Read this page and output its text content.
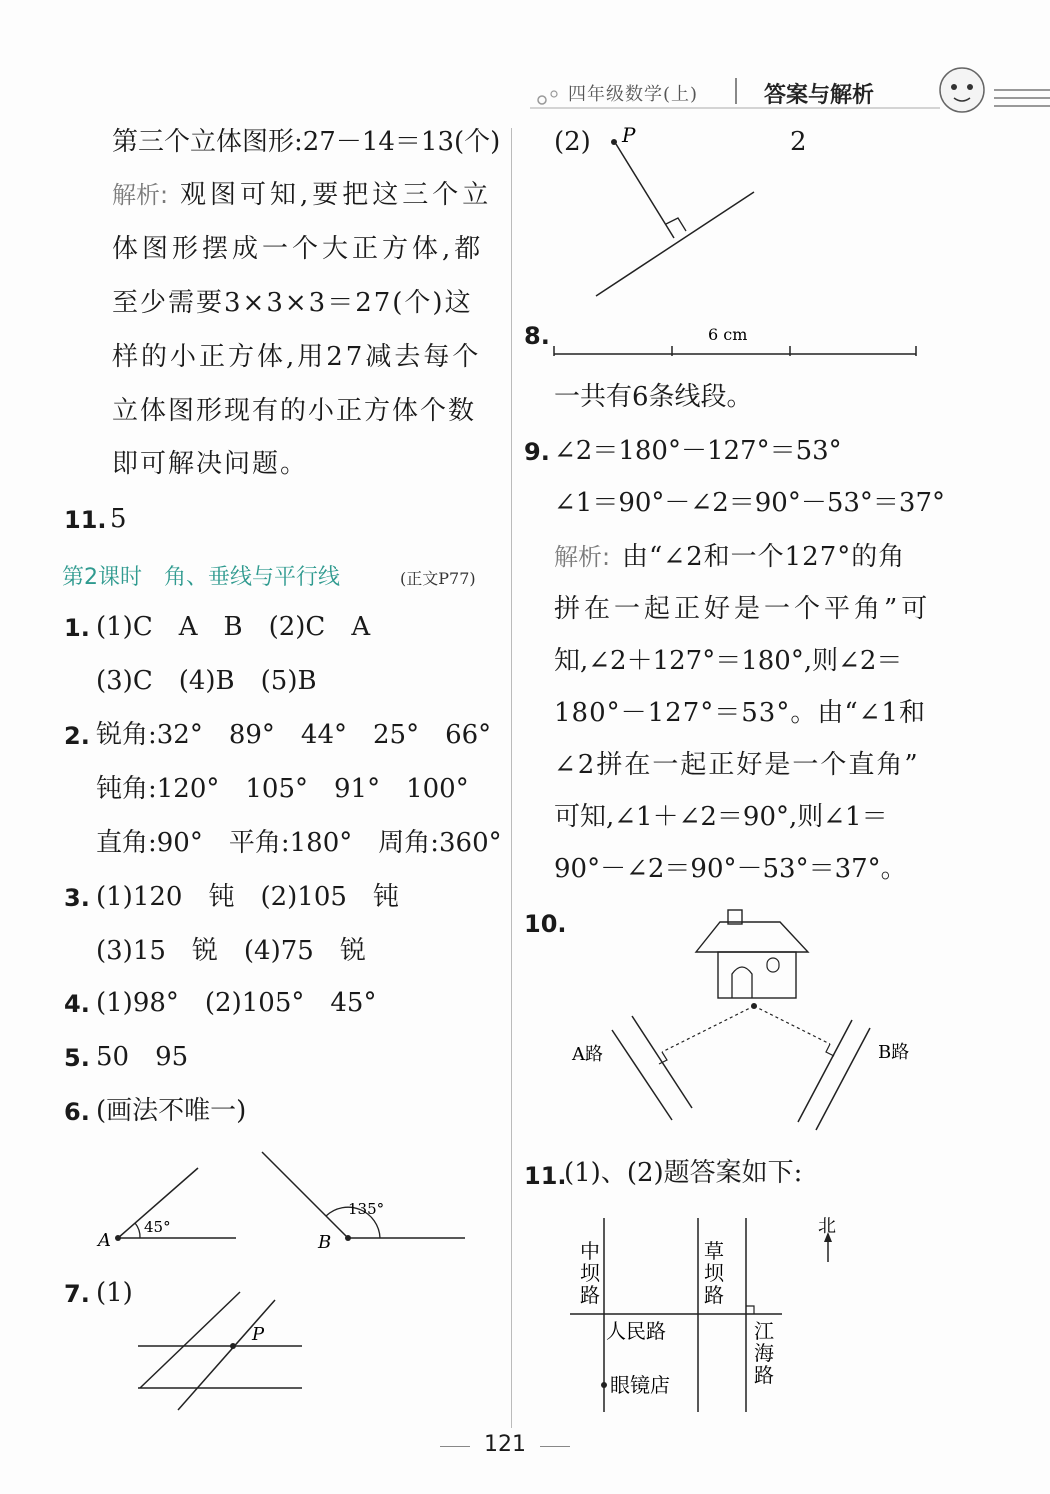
四年级数学(上)	答案与解析
第三个立体图形:27－14＝13(个)
解析: 观图可知,要把这三个立
体图形摆成一个大正方体,都
至少需要3×3×3＝27(个)这
样的小正方体,用27减去每个
立体图形现有的小正方体个数
即可解决问题。
11. 5
第2课时　角、垂线与平行线	(正文P77)
1. (1)C　A　B　(2)C　A
(3)C　(4)B　(5)B
2. 锐角:32°　89°　44°　25°　66°
钝角:120°　105°　91°　100°
直角:90°　平角:180°　周角:360°
3. (1)120　钝　(2)105　钝
(3)15　锐　(4)75　锐
4. (1)98°　(2)105°　45°
5. 50　95
6. (画法不唯一)
A
45°
B
135°
7. (1)
P
(2)	2
P
8.	6 cm
一共有6条线段。
9. ∠2＝180°－127°＝53°
∠1＝90°－∠2＝90°－53°＝37°
解析: 由“∠2和一个127°的角
拼在一起正好是一个平角”可
知,∠2＋127°＝180°,则∠2＝
180°－127°＝53°。由“∠1和
∠2拼在一起正好是一个直角”
可知,∠1＋∠2＝90°,则∠1＝
90°－∠2＝90°－53°＝37°。
10.
A路	B路
11.
(1)、(2)题答案如下:
北
中
坝
路
草
坝
路
人民路	江
海
路
眼镜店
121
